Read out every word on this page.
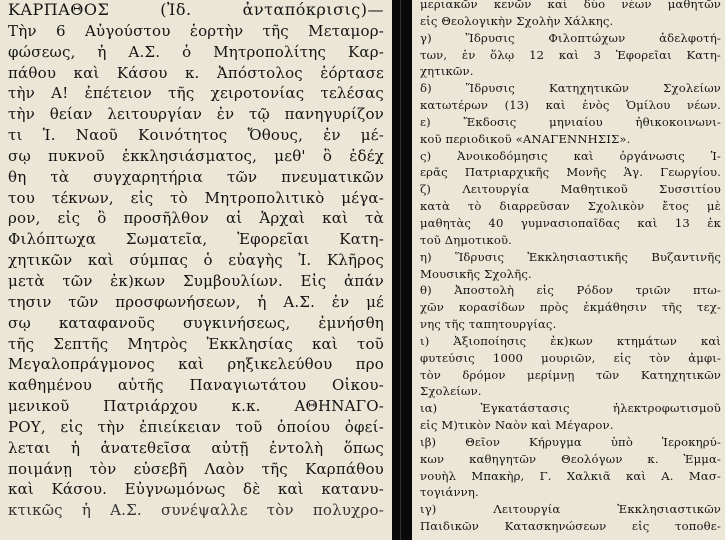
ΚΑΡΠΑΘΟΣ (Ἰδ. ἀνταπόκρισις)—
Τὴν 6 Αὐγούστου ἑορτὴν τῆς Μεταμορ-
φώσεως, ἡ Α.Σ. ὁ Μητροπολίτης Καρ-
πάθου καὶ Κάσου κ. Ἀπόστολος ἑόρτασε
τὴν Α! ἐπέτειον τῆς χειροτονίας τελέσας
τὴν θείαν λειτουργίαν ἐν τῷ πανηγυρίζον
τι Ἰ. Ναοῦ Κοινότητος Ὄθους, ἐν μέ-
σῳ πυκνοῦ ἐκκλησιάσματος, μεθ' ὃ ἐδέχ
θη τὰ συγχαρητήρια τῶν πνευματικῶν
του τέκνων, εἰς τὸ Μητροπολιτικὸ μέγα-
ρον, εἰς ὃ προσῆλθον αἱ Ἀρχαὶ καὶ τὰ
Φιλόπτωχα Σωματεῖα, Ἐφορεῖαι Κατη-
χητικῶν καὶ σύμπας ὁ εὐαγὴς Ἰ. Κλῆρος
μετὰ τῶν ἐκ)κων Συμβουλίων. Εἰς ἀπάν
τησιν τῶν προσφωνήσεων, ἡ Α.Σ. ἐν μέ
σῳ καταφανοῦς συγκινήσεως, ἐμνήσθη
τῆς Σεπτῆς Μητρὸς Ἐκκλησίας καὶ τοῦ
Μεγαλοπράγμονος καὶ ρηξικελεύθου προ
καθημένου αὐτῆς Παναγιωτάτου Οἰκου-
μενικοῦ Πατριάρχου κ.κ. ΑΘΗΝΑΓΟ-
ΡΟΥ, εἰς τὴν ἐπιείκειαν τοῦ ὁποίου ὀφεί-
λεται ἡ ἀνατεθεῖσα αὐτῇ ἐντολὴ ὅπως
ποιμάνῃ τὸν εὐσεβῆ Λαὸν τῆς Καρπάθου
καὶ Κάσου. Εὐγνωμόνως δὲ καὶ κατανυ-
κτικῶς ἡ Α.Σ. συνέψαλλε τὸν πολυχρο-
μεριακῶν κενῶν καὶ δύο νέων μαθητῶν
εἰς Θεολογικὴν Σχολὴν Χάλκης.
γ) Ἵδρυσις Φιλοπτώχων ἀδελφοτή-
των, ἐν ὅλῳ 12 καὶ 3 Ἐφορεῖαι Κατη-
χητικῶν.
δ) Ἵδρυσις Κατηχητικῶν Σχολείων
κατωτέρων (13) καὶ ἑνὸς Ὁμίλου νέων.
ε) Ἔκδοσις μηνιαίου ἠθικοκοινωνι-
κοῦ περιοδικοῦ «ΑΝΑΓΕΝΝΗΣΙΣ».
ς) Ἀνοικοδόμησις καὶ ὀργάνωσις Ἰ-
ερᾶς Πατριαρχικῆς Μονῆς Ἁγ. Γεωργίου.
ζ) Λειτουργία Μαθητικοῦ Συσσιτίου
κατὰ τὸ διαρρεῦσαν Σχολικὸν ἔτος μὲ
μαθητὰς 40 γυμνασιοπαῖδας καὶ 13 ἐκ
τοῦ Δημοτικοῦ.
η) Ἵδρυσις Ἐκκλησιαστικῆς Βυζαντινῆς
Μουσικῆς Σχολῆς.
θ) Ἀποστολὴ εἰς Ρόδον τριῶν πτω-
χῶν κορασίδων πρὸς ἐκμάθησιν τῆς τεχ-
νης τῆς ταπητουργίας.
ι) Ἀξιοποίησις ἐκ)κων κτημάτων καὶ
φυτεύσις 1000 μουριῶν, εἰς τὸν ἀμφι-
τὸν δρόμον μερίμνῃ τῶν Κατηχητικῶν
Σχολείων.
ια) Ἐγκατάστασις ἠλεκτροφωτισμοῦ
εἰς Μ)τικὸν Ναὸν καὶ Μέγαρον.
ιβ) Θεῖον Κήρυγμα ὑπὸ Ἱεροκηρύ-
κων καθηγητῶν Θεολόγων κ. Ἐμμα-
νουὴλ Μπακὴρ, Γ. Χαλκιᾶ καὶ Α. Μασ-
τογιάννη.
ιγ) Λειτουργία Ἐκκλησιαστικῶν
Παιδικῶν Κατασκηνώσεων εἰς τοποθε-
